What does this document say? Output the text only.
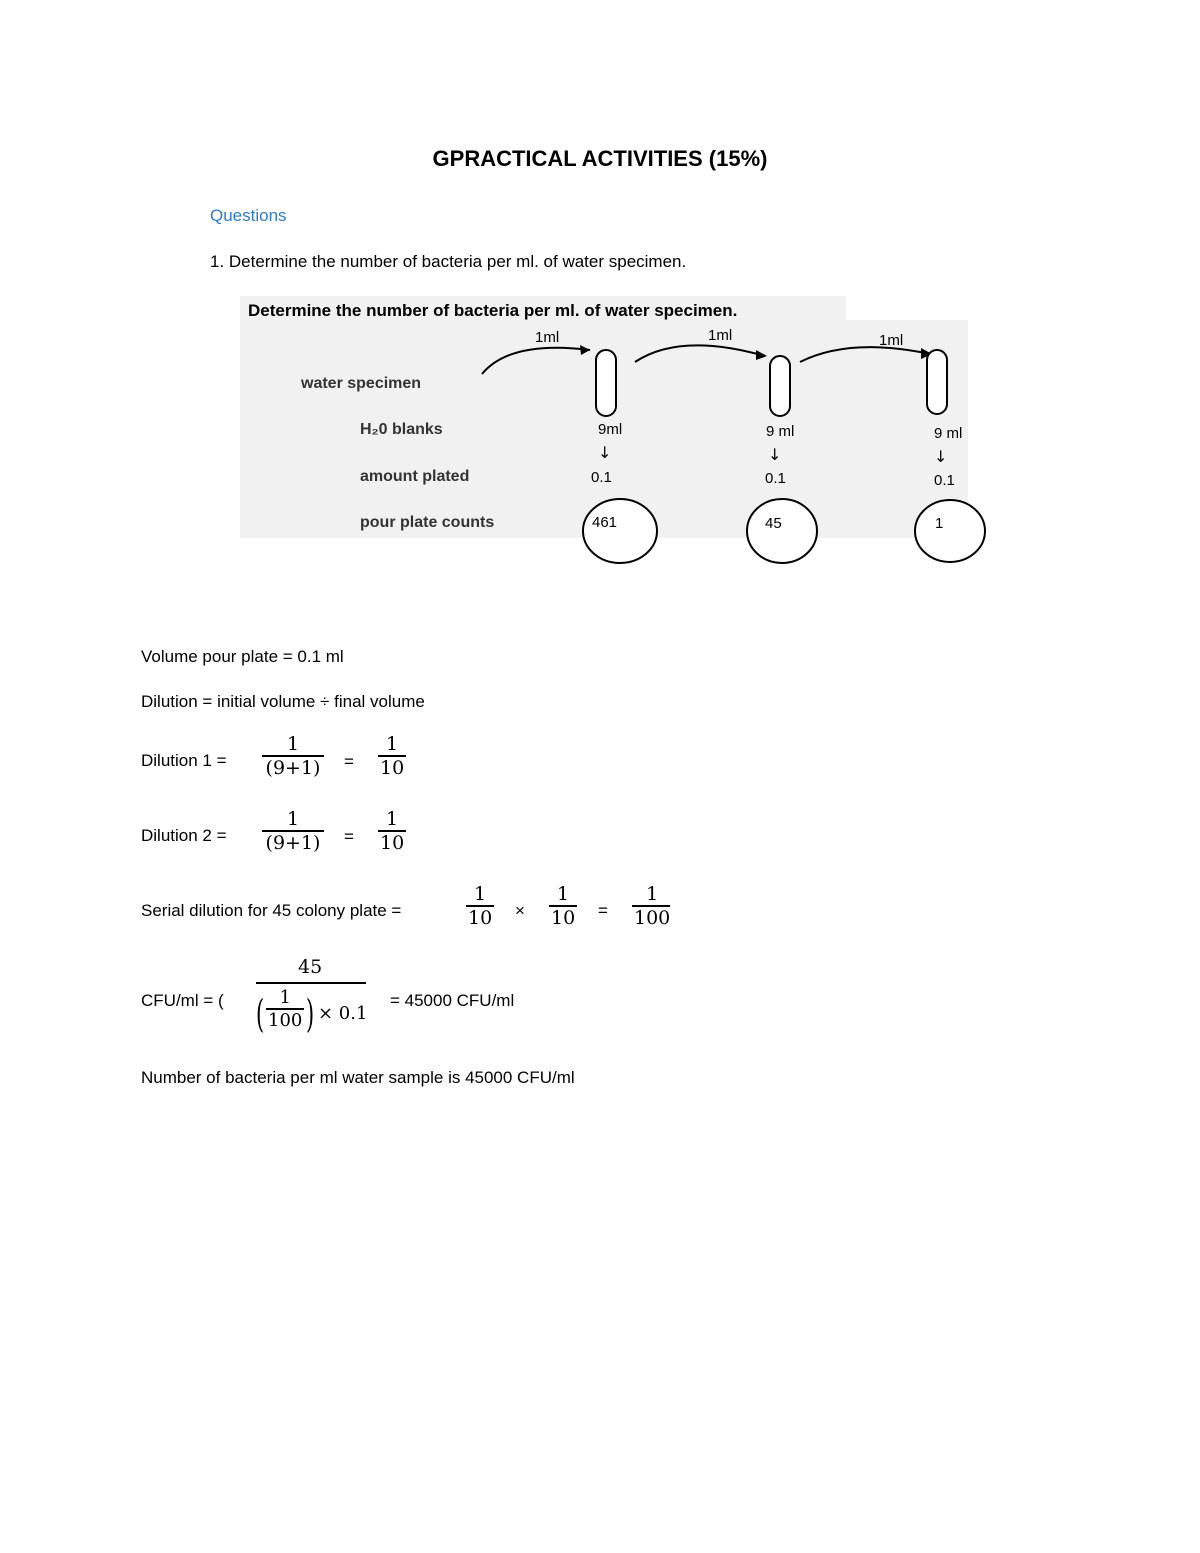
GPRACTICAL ACTIVITIES (15%)
Questions
1. Determine the number of bacteria per ml. of water specimen.
Determine the number of bacteria per ml. of water specimen.
1ml	1ml	1ml
water specimen
H₂0 blanks
amount plated
pour plate counts
9ml
↓
0.1
461
9 ml
↓
0.1
45
9 ml
↓
0.1
1
Volume pour plate = 0.1 ml
Dilution = initial volume ÷ final volume
Dilution 1 =
1
(9+1) =
1
10
Dilution 2 =
1
(9+1) =
1
10
Serial dilution for 45 colony plate =
1
10 ×
1
10 =
1
100
CFU/ml = (
45
( 1
100 ) × 0.1
= 45000 CFU/ml
Number of bacteria per ml water sample is 45000 CFU/ml
